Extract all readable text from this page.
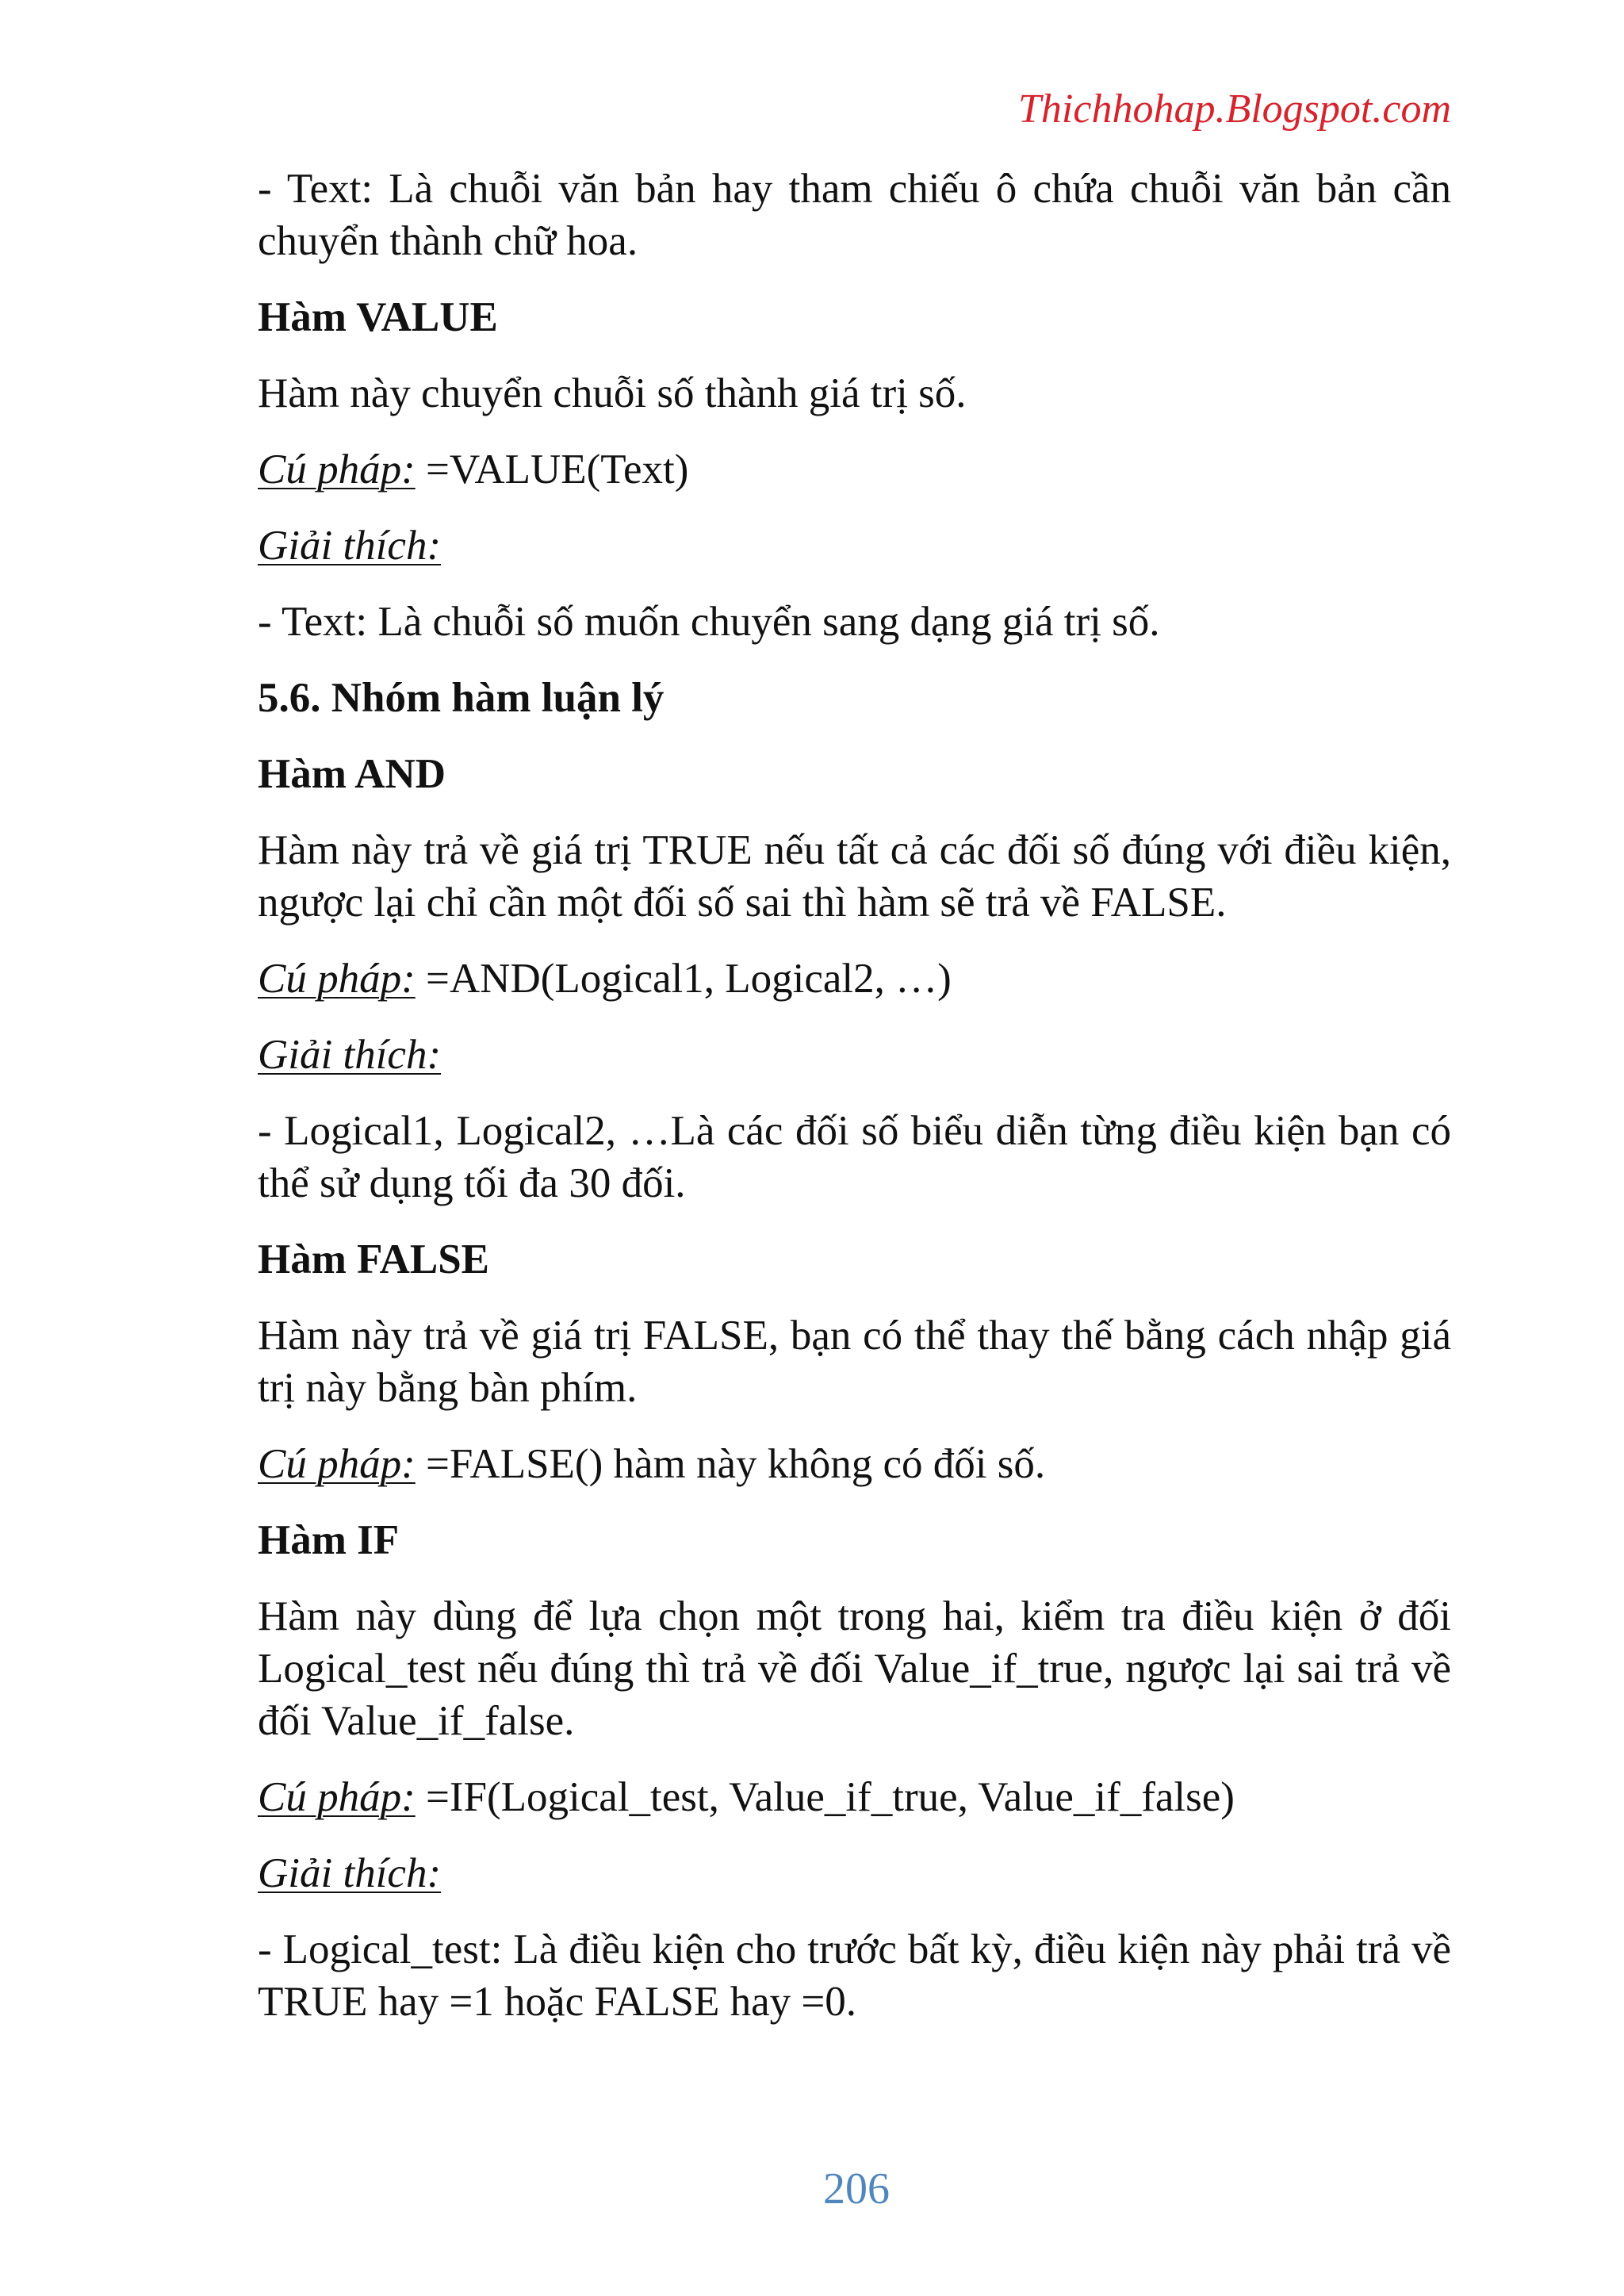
Thichhohap.Blogspot.com

- Text: Là chuỗi văn bản hay tham chiếu ô chứa chuỗi văn bản cần chuyển thành chữ hoa.

Hàm VALUE

Hàm này chuyển chuỗi số thành giá trị số.

Cú pháp: =VALUE(Text)

Giải thích:

- Text: Là chuỗi số muốn chuyển sang dạng giá trị số.

5.6. Nhóm hàm luận lý

Hàm AND

Hàm này trả về giá trị TRUE nếu tất cả các đối số đúng với điều kiện, ngược lại chỉ cần một đối số sai thì hàm sẽ trả về FALSE.

Cú pháp: =AND(Logical1, Logical2, …)

Giải thích:

- Logical1, Logical2, …Là các đối số biểu diễn từng điều kiện bạn có thể sử dụng tối đa 30 đối.

Hàm FALSE

Hàm này trả về giá trị FALSE, bạn có thể thay thế bằng cách nhập giá trị này bằng bàn phím.

Cú pháp: =FALSE() hàm này không có đối số.

Hàm IF

Hàm này dùng để lựa chọn một trong hai, kiểm tra điều kiện ở đối Logical_test nếu đúng thì trả về đối Value_if_true, ngược lại sai trả về đối Value_if_false.

Cú pháp: =IF(Logical_test, Value_if_true, Value_if_false)

Giải thích:

- Logical_test: Là điều kiện cho trước bất kỳ, điều kiện này phải trả về TRUE hay =1 hoặc FALSE hay =0.

206
